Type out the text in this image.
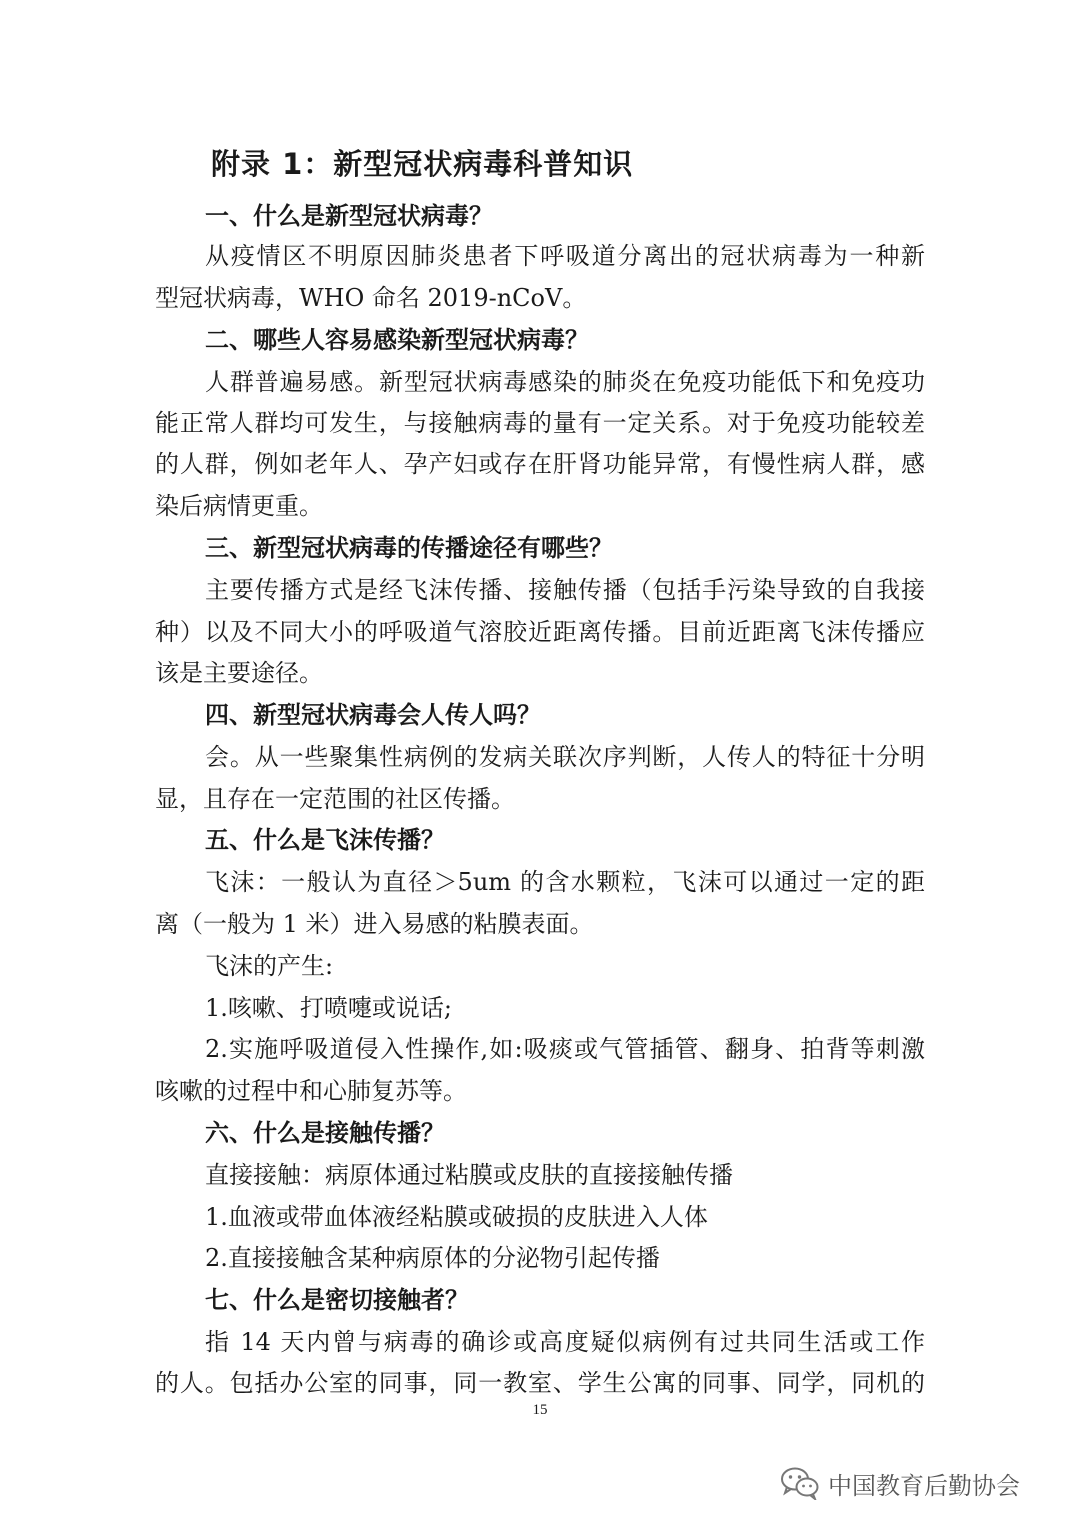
附录 1：新型冠状病毒科普知识
一、什么是新型冠状病毒？
从疫情区不明原因肺炎患者下呼吸道分离出的冠状病毒为一种新
型冠状病毒，WHO 命名 2019-nCoV。
二、哪些人容易感染新型冠状病毒？
人群普遍易感。新型冠状病毒感染的肺炎在免疫功能低下和免疫功
能正常人群均可发生，与接触病毒的量有一定关系。对于免疫功能较差
的人群，例如老年人、孕产妇或存在肝肾功能异常，有慢性病人群，感
染后病情更重。
三、新型冠状病毒的传播途径有哪些？
主要传播方式是经飞沫传播、接触传播（包括手污染导致的自我接
种）以及不同大小的呼吸道气溶胶近距离传播。目前近距离飞沫传播应
该是主要途径。
四、新型冠状病毒会人传人吗？
会。从一些聚集性病例的发病关联次序判断，人传人的特征十分明
显，且存在一定范围的社区传播。
五、什么是飞沫传播？
飞沫：一般认为直径＞5um 的含水颗粒，飞沫可以通过一定的距
离（一般为 1 米）进入易感的粘膜表面。
飞沫的产生:
1.咳嗽、打喷嚏或说话;
2.实施呼吸道侵入性操作,如:吸痰或气管插管、翻身、拍背等刺激
咳嗽的过程中和心肺复苏等。
六、什么是接触传播？
直接接触：病原体通过粘膜或皮肤的直接接触传播
1.血液或带血体液经粘膜或破损的皮肤进入人体
2.直接接触含某种病原体的分泌物引起传播
七、什么是密切接触者？
指 14 天内曾与病毒的确诊或高度疑似病例有过共同生活或工作
的人。包括办公室的同事，同一教室、学生公寓的同事、同学，同机的
15
中国教育后勤协会
